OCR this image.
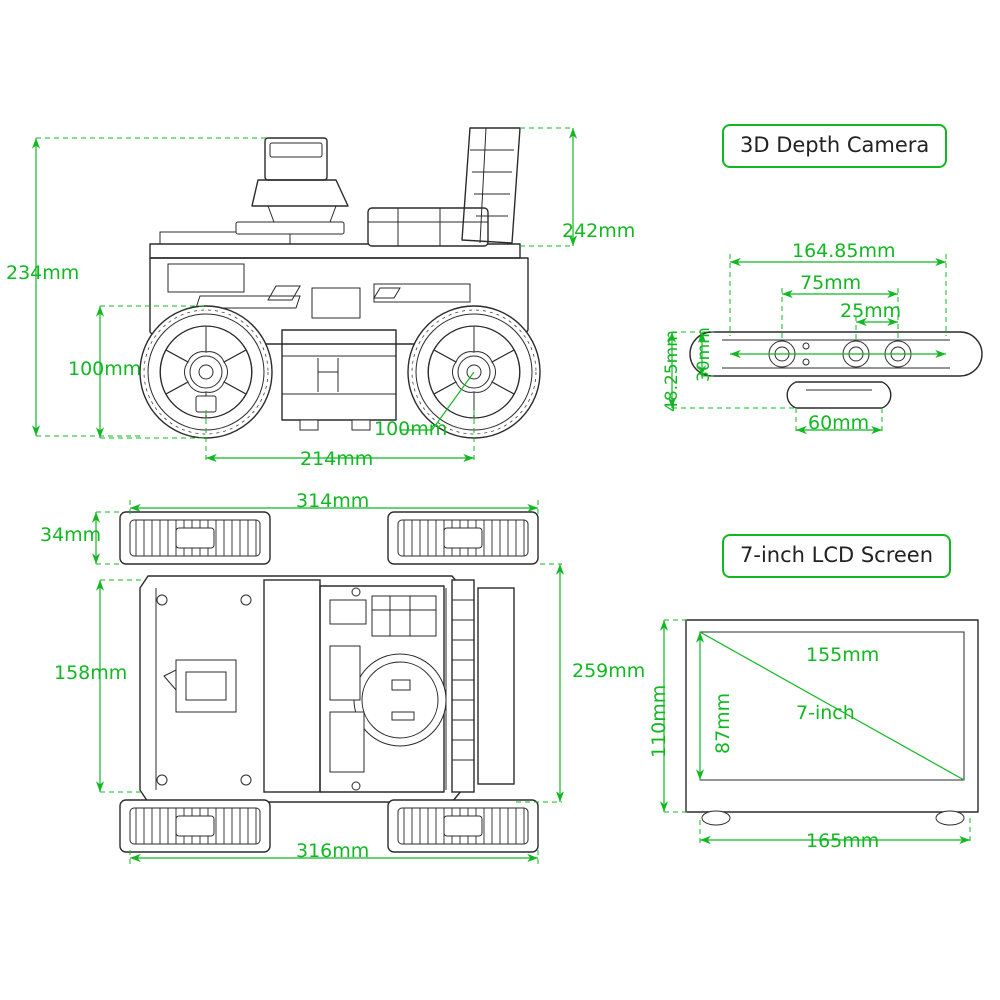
234mm
100mm
242mm
100mm
214mm
314mm
34mm
158mm	259mm
316mm
3D Depth Camera
164.85mm
75mm
25mm
30mm
48.25mm
60mm
7-inch LCD Screen
155mm
7-inch
87mm
110mm
165mm
